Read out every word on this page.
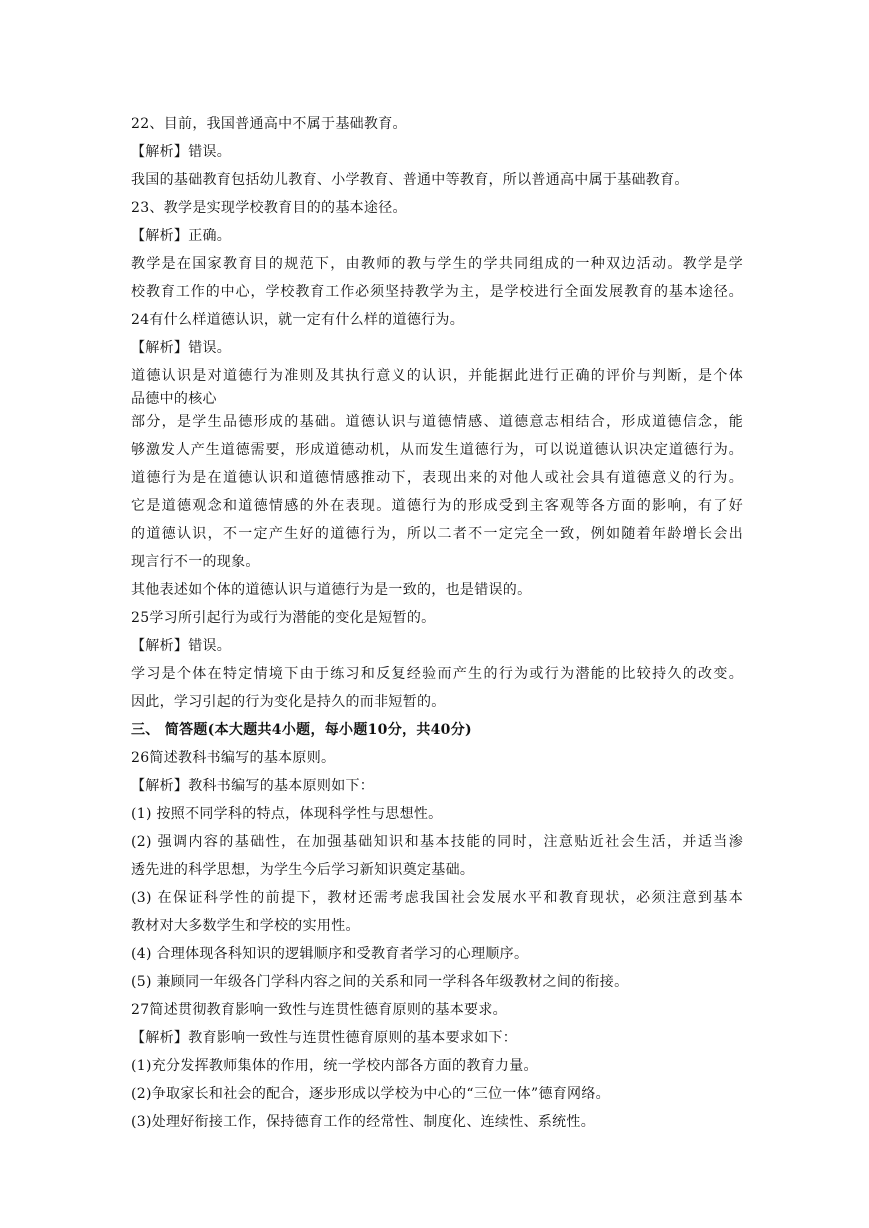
22、目前，我国普通高中不属于基础教育。
【解析】错误。
我国的基础教育包括幼儿教育、小学教育、普通中等教育，所以普通高中属于基础教育。
23、教学是实现学校教育目的的基本途径。
【解析】正确。
教学是在国家教育目的规范下，由教师的教与学生的学共同组成的一种双边活动。教学是学
校教育工作的中心，学校教育工作必须坚持教学为主，是学校进行全面发展教育的基本途径。
24有什么样道德认识，就一定有什么样的道德行为。
【解析】错误。
道德认识是对道德行为准则及其执行意义的认识，并能据此进行正确的评价与判断，是个体
品德中的核心
部分，是学生品德形成的基础。道德认识与道德情感、道德意志相结合，形成道德信念，能
够激发人产生道德需要，形成道德动机，从而发生道德行为，可以说道德认识决定道德行为。
道德行为是在道德认识和道德情感推动下，表现出来的对他人或社会具有道德意义的行为。
它是道德观念和道德情感的外在表现。道德行为的形成受到主客观等各方面的影响，有了好
的道德认识，不一定产生好的道德行为，所以二者不一定完全一致，例如随着年龄增长会出
现言行不一的现象。
其他表述如个体的道德认识与道德行为是一致的，也是错误的。
25学习所引起行为或行为潜能的变化是短暂的。
【解析】错误。
学习是个体在特定情境下由于练习和反复经验而产生的行为或行为潜能的比较持久的改变。
因此，学习引起的行为变化是持久的而非短暂的。
三、 简答题(本大题共4小题，每小题10分，共40分)
26简述教科书编写的基本原则。
【解析】教科书编写的基本原则如下：
(1) 按照不同学科的特点，体现科学性与思想性。
(2) 强调内容的基础性，在加强基础知识和基本技能的同时，注意贴近社会生活，并适当渗
透先进的科学思想，为学生今后学习新知识奠定基础。
(3) 在保证科学性的前提下，教材还需考虑我国社会发展水平和教育现状，必须注意到基本
教材对大多数学生和学校的实用性。
(4) 合理体现各科知识的逻辑顺序和受教育者学习的心理顺序。
(5) 兼顾同一年级各门学科内容之间的关系和同一学科各年级教材之间的衔接。
27简述贯彻教育影响一致性与连贯性德育原则的基本要求。
【解析】教育影响一致性与连贯性德育原则的基本要求如下：
(1)充分发挥教师集体的作用，统一学校内部各方面的教育力量。
(2)争取家长和社会的配合，逐步形成以学校为中心的“三位一体”德育网络。
(3)处理好衔接工作，保持德育工作的经常性、制度化、连续性、系统性。
